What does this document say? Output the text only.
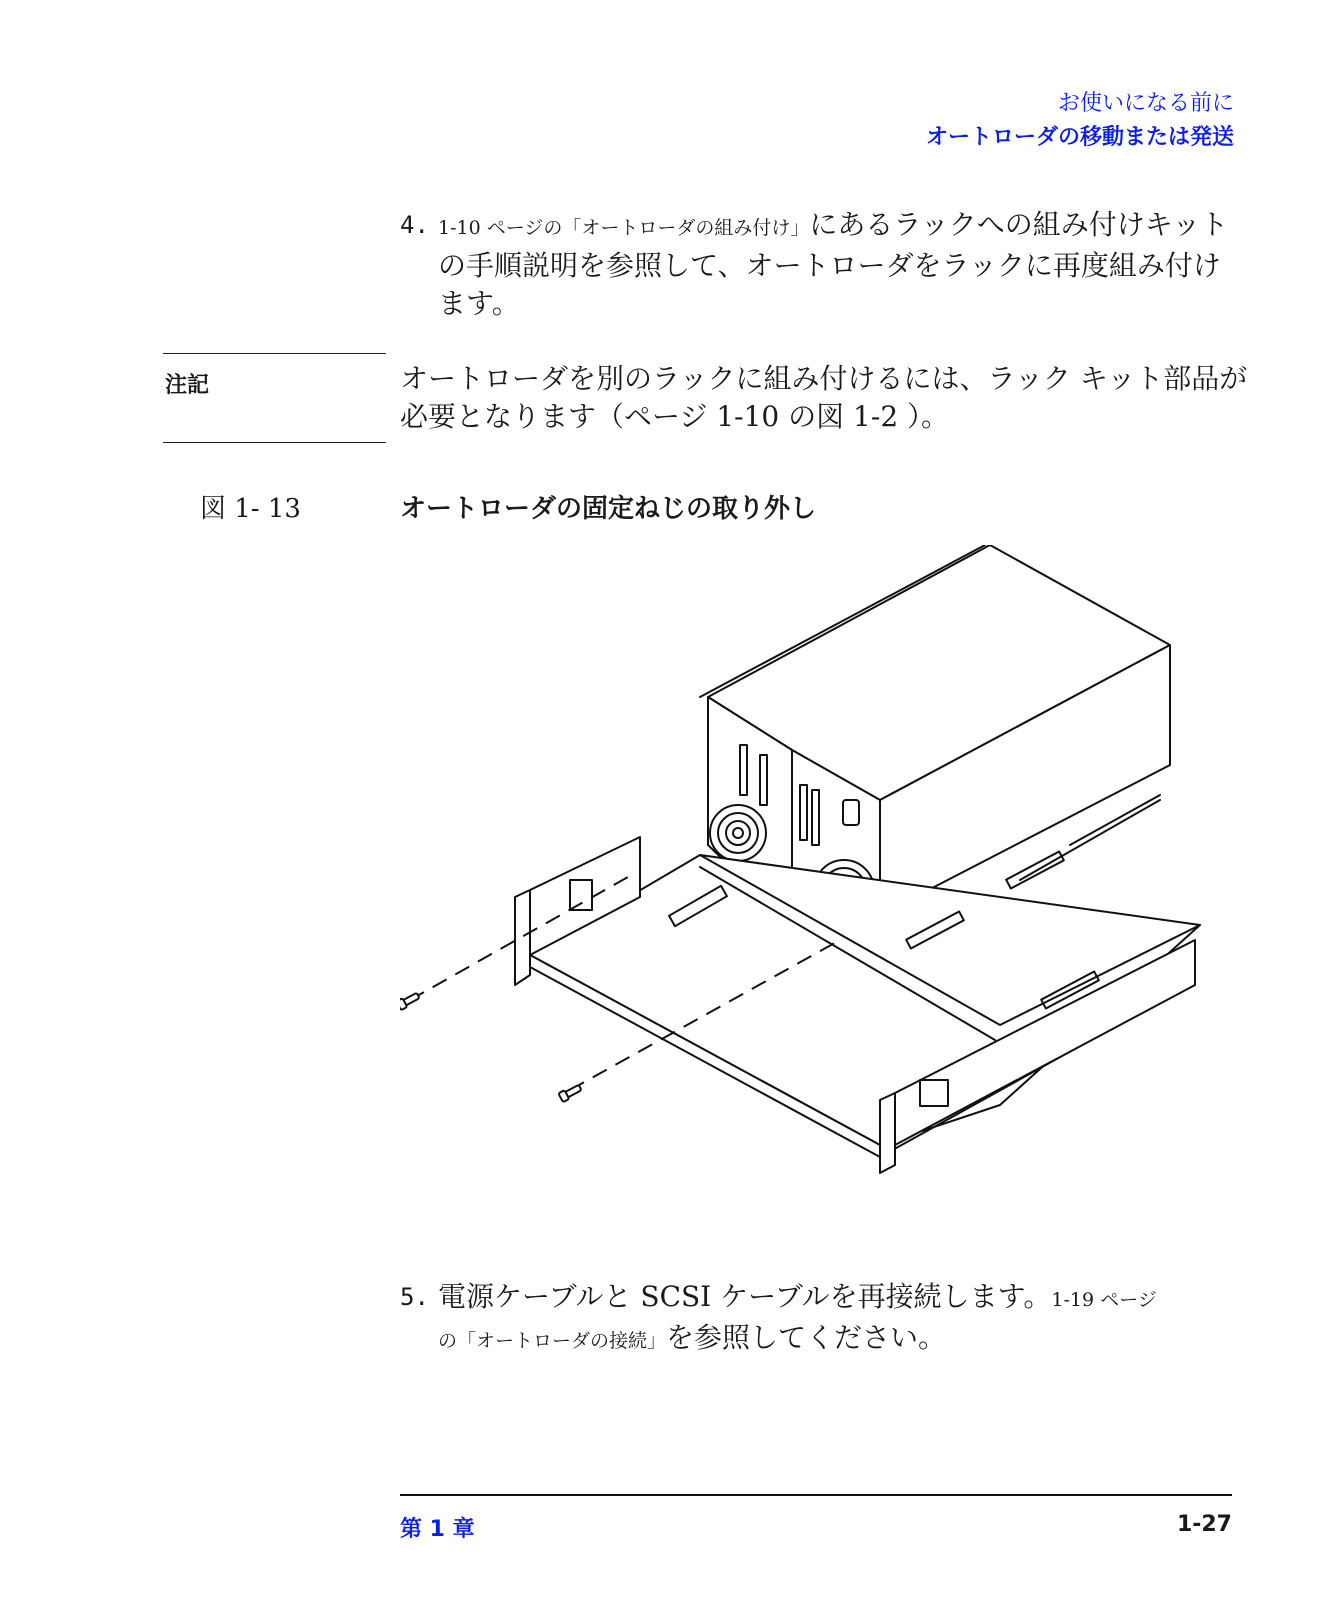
お使いになる前に
オートローダの移動または発送
4. 1-10 ページの「オートローダの組み付け」にあるラックへの組み付けキットの手順説明を参照して、オートローダをラックに再度組み付けます。
注記	オートローダを別のラックに組み付けるには、ラック キット部品が必要となります（ページ 1-10 の図 1-2 ）。
図 1- 13	オートローダの固定ねじの取り外し
5. 電源ケーブルと SCSI ケーブルを再接続します。1-19 ページ
の「オートローダの接続」を参照してください。
第 1 章	1-27
